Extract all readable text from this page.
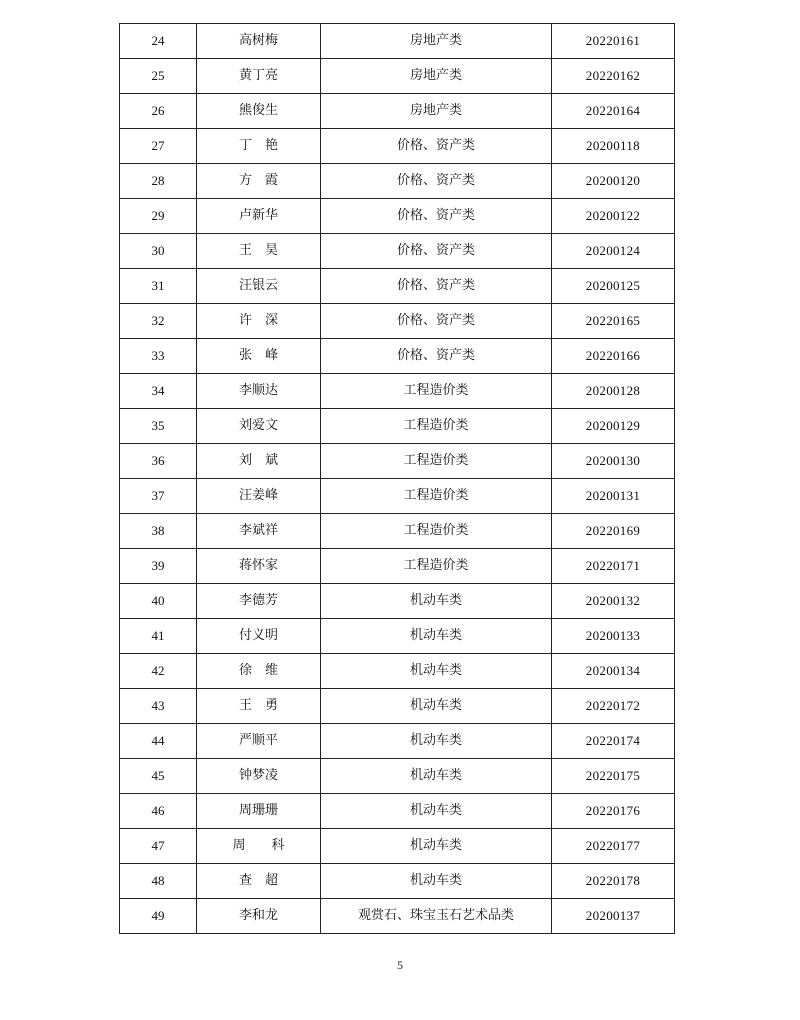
24	高树梅	房地产类	20220161
25	黄丁亮	房地产类	20220162
26	熊俊生	房地产类	20220164
27	丁　艳	价格、资产类	20200118
28	方　霞	价格、资产类	20200120
29	卢新华	价格、资产类	20200122
30	王　昊	价格、资产类	20200124
31	汪银云	价格、资产类	20200125
32	许　深	价格、资产类	20220165
33	张　峰	价格、资产类	20220166
34	李顺达	工程造价类	20200128
35	刘爱文	工程造价类	20200129
36	刘　斌	工程造价类	20200130
37	汪姜峰	工程造价类	20200131
38	李斌祥	工程造价类	20220169
39	蒋怀家	工程造价类	20220171
40	李德芳	机动车类	20200132
41	付义明	机动车类	20200133
42	徐　维	机动车类	20200134
43	王　勇	机动车类	20220172
44	严顺平	机动车类	20220174
45	钟梦凌	机动车类	20220175
46	周珊珊	机动车类	20220176
47	周　　科	机动车类	20220177
48	查　超	机动车类	20220178
49	李和龙	观赏石、珠宝玉石艺术品类	20200137
5
